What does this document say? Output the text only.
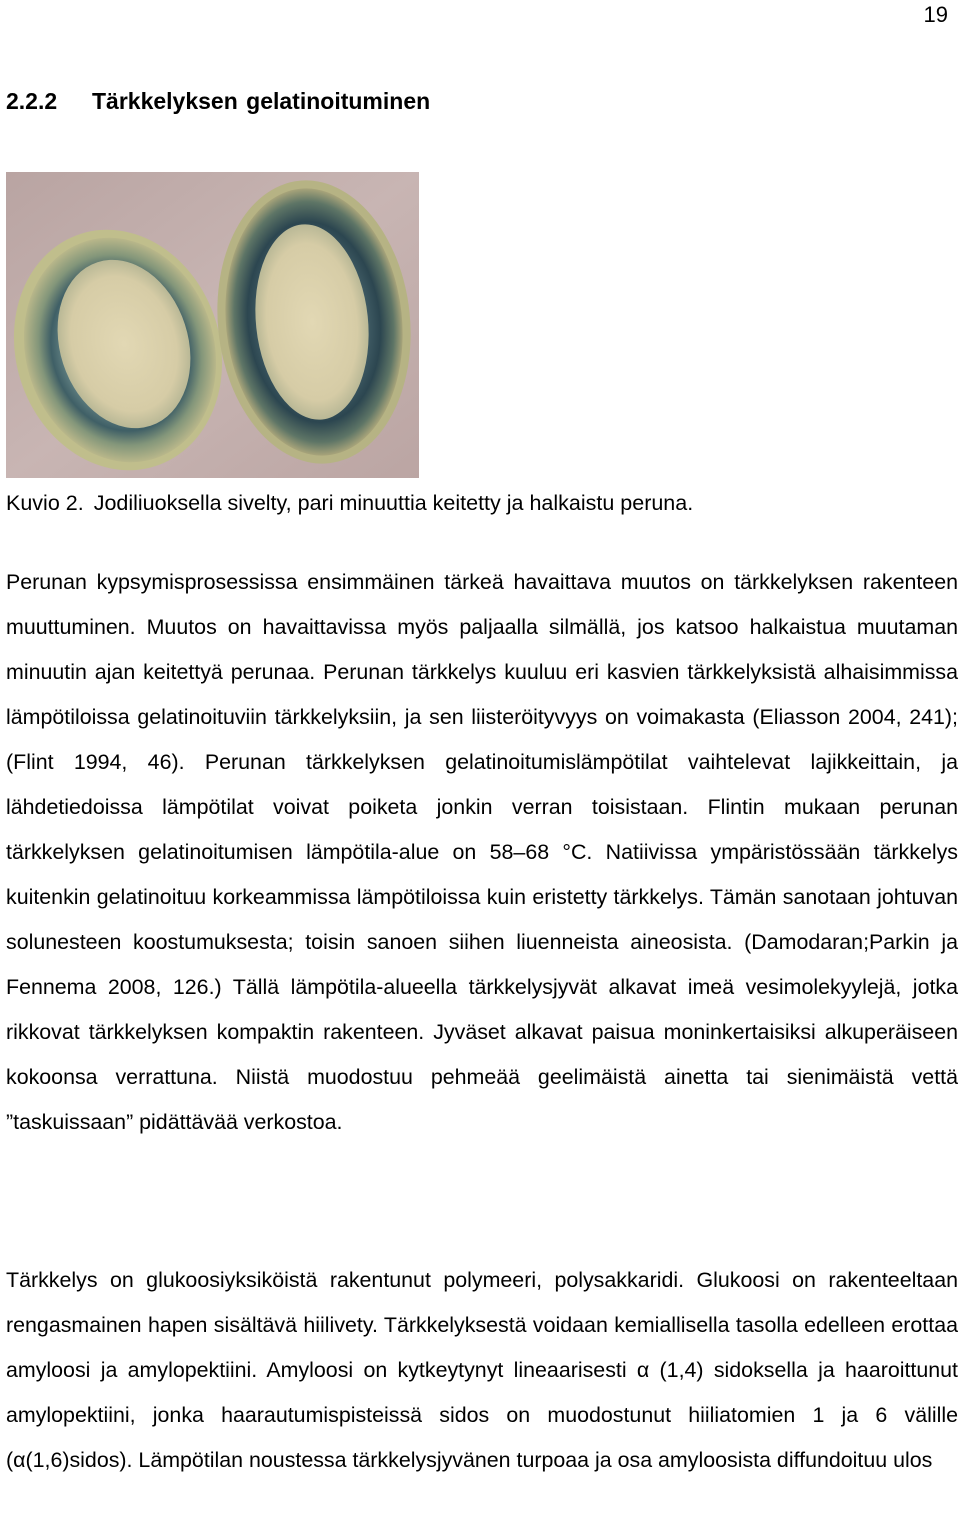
19
2.2.2 Tärkkelyksen gelatinoituminen
Kuvio 2. Jodiliuoksella sivelty, pari minuuttia keitetty ja halkaistu peruna.

Perunan kypsymisprosessissa ensimmäinen tärkeä havaittava muutos on tärkkelyksen rakenteen muuttuminen. Muutos on havaittavissa myös paljaalla silmällä, jos katsoo halkaistua muutaman minuutin ajan keitettyä perunaa. Perunan tärkkelys kuuluu eri kasvien tärkkelyksistä alhaisimmissa lämpötiloissa gelatinoituviin tärkkelyksiin, ja sen liisteröityvyys on voimakasta (Eliasson 2004, 241); (Flint 1994, 46). Perunan tärkkelyksen gelatinoitumislämpötilat vaihtelevat lajikkeittain, ja lähdetiedoissa lämpötilat voivat poiketa jonkin verran toisistaan. Flintin mukaan perunan tärkkelyksen gelatinoitumisen lämpötila-alue on 58–68 °C. Natiivissa ympäristössään tärkkelys kuitenkin gelatinoituu korkeammissa lämpötiloissa kuin eristetty tärkkelys. Tämän sanotaan johtuvan solunesteen koostumuksesta; toisin sanoen siihen liuenneista aineosista. (Damodaran;Parkin ja Fennema 2008, 126.) Tällä lämpötila-alueella tärkkelysjyvät alkavat imeä vesimolekyylejä, jotka rikkovat tärkkelyksen kompaktin rakenteen. Jyväset alkavat paisua moninkertaisiksi alkuperäiseen kokoonsa verrattuna. Niistä muodostuu pehmeää geelimäistä ainetta tai sienimäistä vettä ”taskuissaan” pidättävää verkostoa.

Tärkkelys on glukoosiyksiköistä rakentunut polymeeri, polysakkaridi. Glukoosi on rakenteeltaan rengasmainen hapen sisältävä hiilivety. Tärkkelyksestä voidaan kemiallisella tasolla edelleen erottaa amyloosi ja amylopektiini. Amyloosi on kytkeytynyt lineaarisesti α (1,4) sidoksella ja haaroittunut amylopektiini, jonka haarautumispisteissä sidos on muodostunut hiiliatomien 1 ja 6 välille (α(1,6)sidos). Lämpötilan noustessa tärkkelysjyvänen turpoaa ja osa amyloosista diffundoituu ulos
